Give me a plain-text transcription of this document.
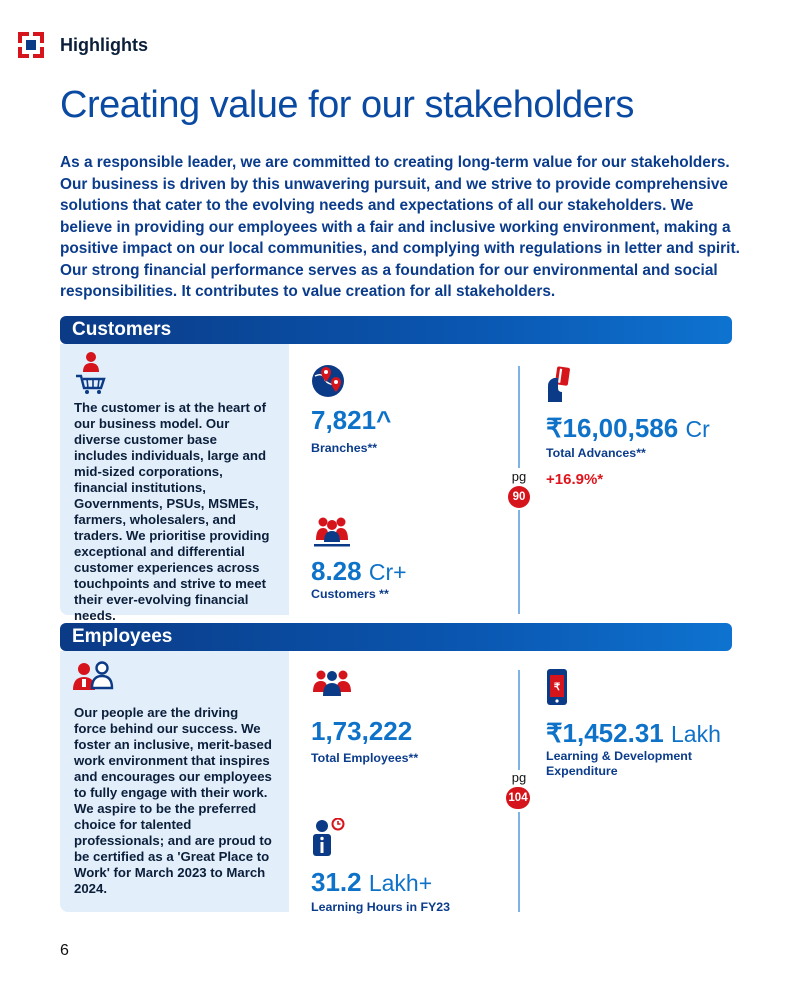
Highlights
Creating value for our stakeholders
As a responsible leader, we are committed to creating long-term value for our stakeholders. Our business is driven by this unwavering pursuit, and we strive to provide comprehensive solutions that cater to the evolving needs and expectations of all our stakeholders. We believe in providing our employees with a fair and inclusive working environment, making a positive impact on our local communities, and complying with regulations in letter and spirit. Our strong financial performance serves as a foundation for our environmental and social responsibilities. It contributes to value creation for all stakeholders.
Customers
The customer is at the heart of our business model. Our diverse customer base includes individuals, large and mid-sized corporations, financial institutions, Governments, PSUs, MSMEs, farmers, wholesalers, and traders. We prioritise providing exceptional and differential customer experiences across touchpoints and strive to meet their ever-evolving financial needs.
7,821^
Branches**
8.28 Cr+
Customers **
pg
90
₹16,00,586 Cr
Total Advances**
+16.9%*
Employees
Our people are the driving force behind our success. We foster an inclusive, merit-based work environment that inspires and encourages our employees to fully engage with their work. We aspire to be the preferred choice for talented professionals; and are proud to be certified as a 'Great Place to Work' for March 2023 to March 2024.
1,73,222
Total Employees**
31.2 Lakh+
Learning Hours in FY23
pg
104
₹
₹1,452.31 Lakh
Learning & Development Expenditure
6
